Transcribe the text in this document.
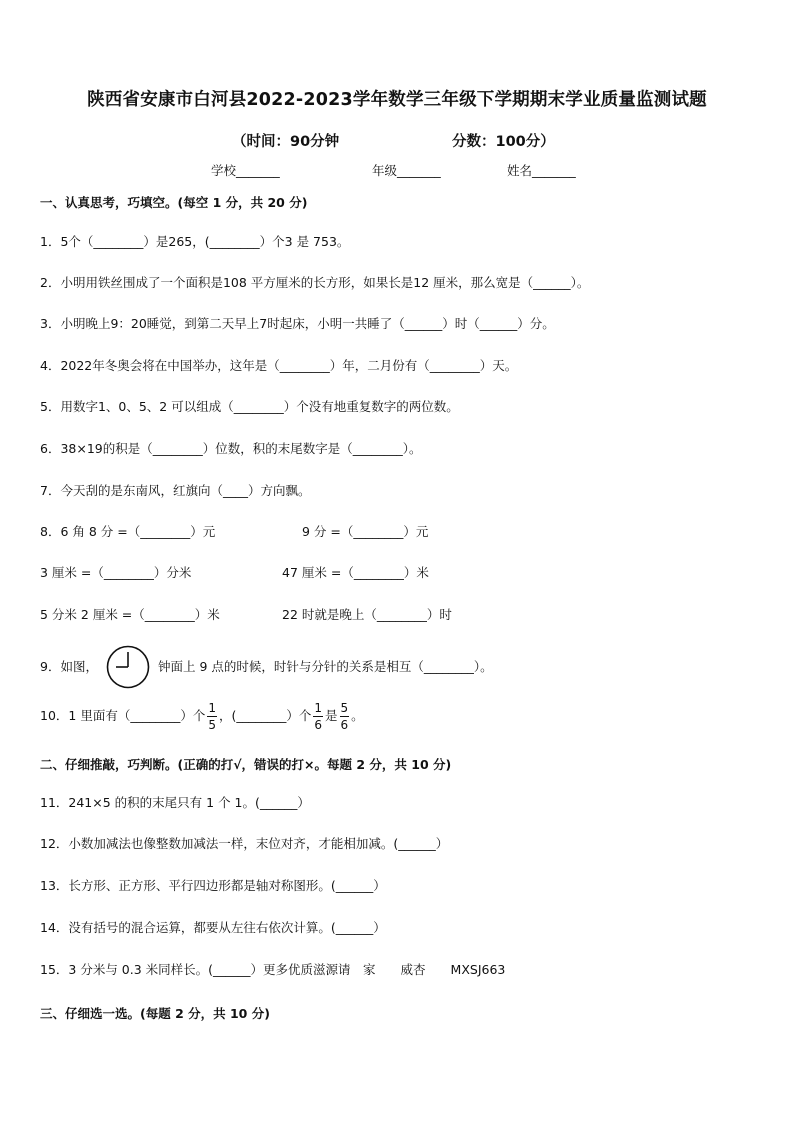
陕西省安康市白河县2022-2023学年数学三年级下学期期末学业质量监测试题
（时间：90分钟	分数：100分）
学校_______	年级_______	姓名_______
一、认真思考，巧填空。(每空 1 分，共 20 分)
1．5个（________）是265，(________）个3 是 753。
2．小明用铁丝围成了一个面积是108 平方厘米的长方形，如果长是12 厘米，那么宽是（______）。
3．小明晚上9：20睡觉，到第二天早上7时起床，小明一共睡了（______）时（______）分。
4．2022年冬奥会将在中国举办，这年是（________）年，二月份有（________）天。
5．用数字1、0、5、2 可以组成（________）个没有地重复数字的两位数。
6．38×19的积是（________）位数，积的末尾数字是（________）。
7．今天刮的是东南风，红旗向（____）方向飘。
8．6 角 8 分 =（________）元	9 分 =（________）元
3 厘米 =（________）分米	47 厘米 =（________）米
5 分米 2 厘米 =（________）米	22 时就是晚上（________）时
9．如图，	钟面上 9 点的时候，时针与分针的关系是相互（________）。
10．1 里面有（________）个 $\frac{1}{5}$ ，(________）个 $\frac{1}{6}$ 是 $\frac{5}{6}$ 。
二、仔细推敲，巧判断。(正确的打√，错误的打×。每题 2 分，共 10 分)
11．241×5 的积的末尾只有 1 个 1。(______）
12．小数加减法也像整数加减法一样，末位对齐，才能相加减。(______）
13．长方形、正方形、平行四边形都是轴对称图形。(______）
14．没有括号的混合运算，都要从左往右依次计算。(______）
15．3 分米与 0.3 米同样长。(______）更多优质滋源请　家　　威杏　　MXSJ663
三、仔细选一选。(每题 2 分，共 10 分)
